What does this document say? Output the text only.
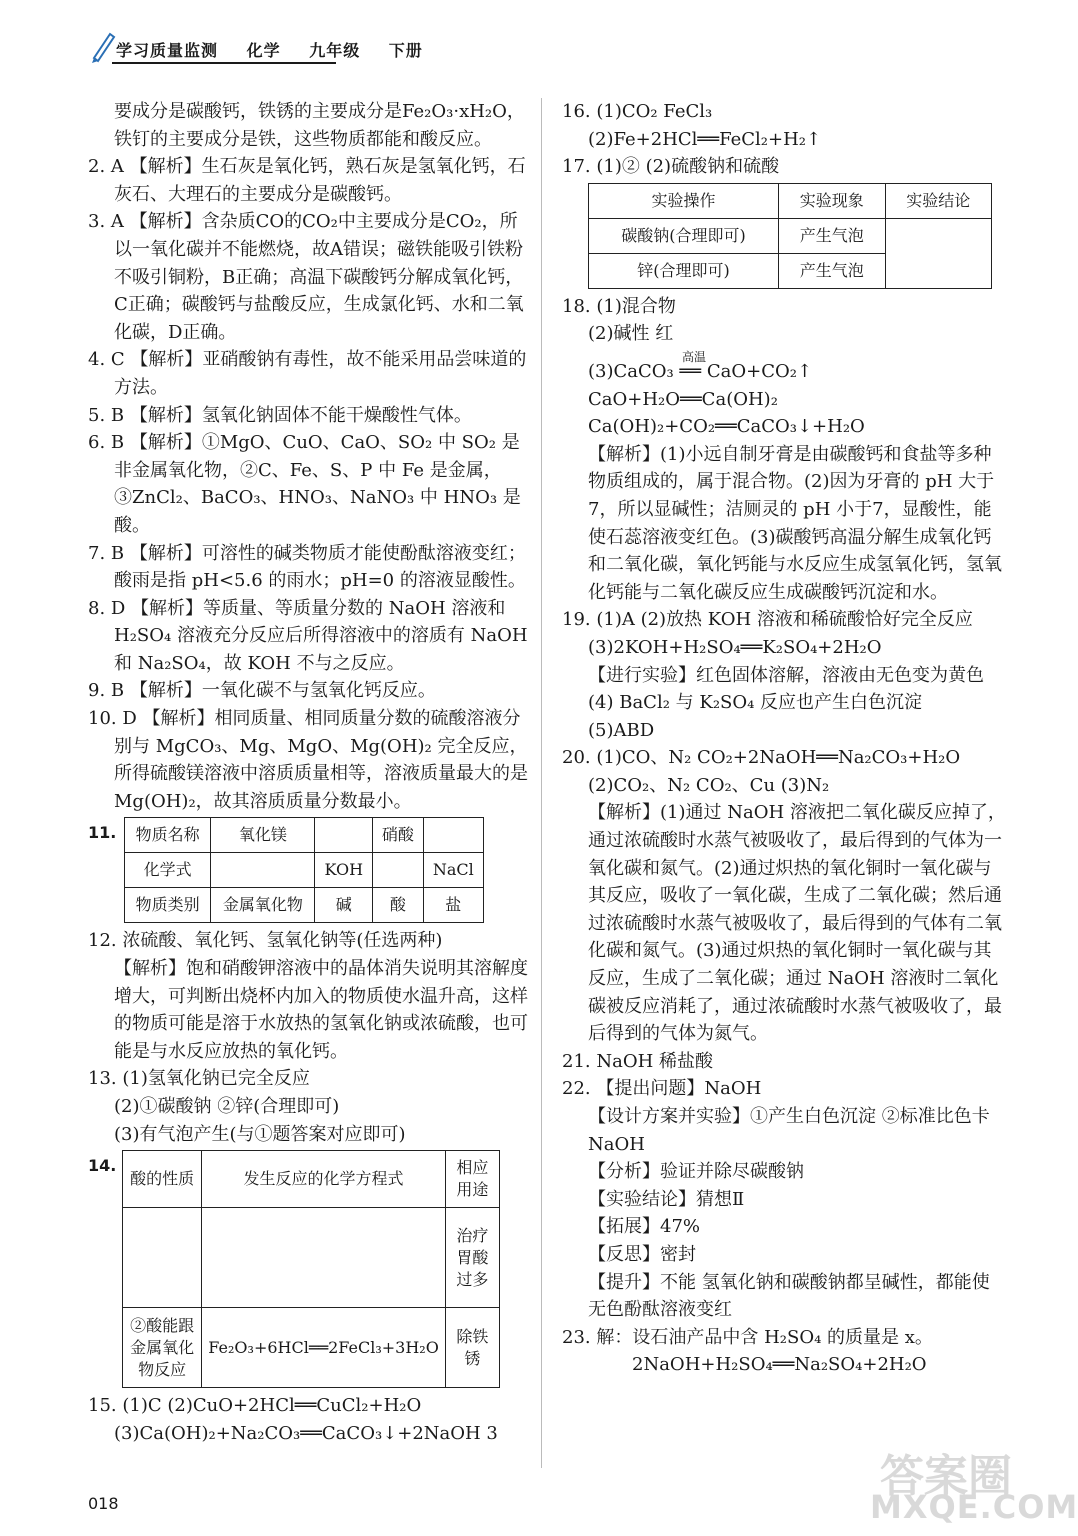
学习质量监测 化学 九年级 下册

要成分是碳酸钙，铁锈的主要成分是Fe₂O₃·xH₂O，

铁钉的主要成分是铁，这些物质都能和酸反应。

2. A 【解析】生石灰是氧化钙，熟石灰是氢氧化钙，石灰石、大理石的主要成分是碳酸钙。

3. A 【解析】含杂质CO的CO₂中主要成分是CO₂，所以一氧化碳并不能燃烧，故A错误；磁铁能吸引铁粉不吸引铜粉，B正确；高温下碳酸钙分解成氧化钙，C正确；碳酸钙与盐酸反应，生成氯化钙、水和二氧化碳，D正确。

4. C 【解析】亚硝酸钠有毒性，故不能采用品尝味道的方法。

5. B 【解析】氢氧化钠固体不能干燥酸性气体。

6. B 【解析】①MgO、CuO、CaO、SO₂ 中 SO₂ 是非金属氧化物，②C、Fe、S、P 中 Fe 是金属，③ZnCl₂、BaCO₃、HNO₃、NaNO₃ 中 HNO₃ 是酸。

7. B 【解析】可溶性的碱类物质才能使酚酞溶液变红；酸雨是指 pH<5.6 的雨水；pH=0 的溶液显酸性。

8. D 【解析】等质量、等质量分数的 NaOH 溶液和 H₂SO₄ 溶液充分反应后所得溶液中的溶质有 NaOH 和 Na₂SO₄，故 KOH 不与之反应。

9. B 【解析】一氧化碳不与氢氧化钙反应。

10. D 【解析】相同质量、相同质量分数的硫酸溶液分别与 MgCO₃、Mg、MgO、Mg(OH)₂ 完全反应，所得硫酸镁溶液中溶质质量相等，溶液质量最大的是 Mg(OH)₂，故其溶质质量分数最小。

11. 物质名称	氧化镁		硝酸	
化学式		KOH		NaCl
物质类别	金属氧化物	碱	酸	盐

12. 浓硫酸、氧化钙、氢氧化钠等(任选两种)

【解析】饱和硝酸钾溶液中的晶体消失说明其溶解度增大，可判断出烧杯内加入的物质使水温升高，这样的物质可能是溶于水放热的氢氧化钠或浓硫酸，也可能是与水反应放热的氧化钙。

13. (1)氢氧化钠已完全反应

(2)①碳酸钠 ②锌(合理即可)

(3)有气泡产生(与①题答案对应即可)

14.
酸的性质	发生反应的化学方程式	相应用途
		治疗胃酸过多
②酸能跟金属氧化物反应	Fe₂O₃+6HCl══2FeCl₃+3H₂O	除铁锈

15. (1)C (2)CuO+2HCl══CuCl₂+H₂O

(3)Ca(OH)₂+Na₂CO₃══CaCO₃↓+2NaOH 3

16. (1)CO₂ FeCl₃

(2)Fe+2HCl══FeCl₂+H₂↑

17. (1)② (2)硫酸钠和硫酸

实验操作	实验现象	实验结论
碳酸钠(合理即可)	产生气泡	
锌(合理即可)	产生气泡	

18. (1)混合物

(2)碱性 红

高温
(3)CaCO₃ ══ CaO+CO₂↑

CaO+H₂O══Ca(OH)₂

Ca(OH)₂+CO₂══CaCO₃↓+H₂O

【解析】(1)小远自制牙膏是由碳酸钙和食盐等多种物质组成的，属于混合物。(2)因为牙膏的 pH 大于7，所以显碱性；洁厕灵的 pH 小于7，显酸性，能使石蕊溶液变红色。(3)碳酸钙高温分解生成氧化钙和二氧化碳，氧化钙能与水反应生成氢氧化钙，氢氧化钙能与二氧化碳反应生成碳酸钙沉淀和水。

19. (1)A (2)放热 KOH 溶液和稀硫酸恰好完全反应 (3)2KOH+H₂SO₄══K₂SO₄+2H₂O

【进行实验】红色固体溶解，溶液由无色变为黄色

(4) BaCl₂ 与 K₂SO₄ 反应也产生白色沉淀

(5)ABD

20. (1)CO、N₂ CO₂+2NaOH══Na₂CO₃+H₂O

(2)CO₂、N₂ CO₂、Cu (3)N₂

【解析】(1)通过 NaOH 溶液把二氧化碳反应掉了，通过浓硫酸时水蒸气被吸收了，最后得到的气体为一氧化碳和氮气。(2)通过炽热的氧化铜时一氧化碳与其反应，吸收了一氧化碳，生成了二氧化碳；然后通过浓硫酸时水蒸气被吸收了，最后得到的气体有二氧化碳和氮气。(3)通过炽热的氧化铜时一氧化碳与其反应，生成了二氧化碳；通过 NaOH 溶液时二氧化碳被反应消耗了，通过浓硫酸时水蒸气被吸收了，最后得到的气体为氮气。

21. NaOH 稀盐酸

22. 【提出问题】NaOH

【设计方案并实验】①产生白色沉淀 ②标准比色卡 NaOH

【分析】验证并除尽碳酸钠

【实验结论】猜想Ⅱ

【拓展】47%

【反思】密封

【提升】不能 氢氧化钠和碳酸钠都呈碱性，都能使无色酚酞溶液变红

23. 解：设石油产品中含 H₂SO₄ 的质量是 x。

2NaOH+H₂SO₄══Na₂SO₄+2H₂O

018
答案圈
MXQE.COM
